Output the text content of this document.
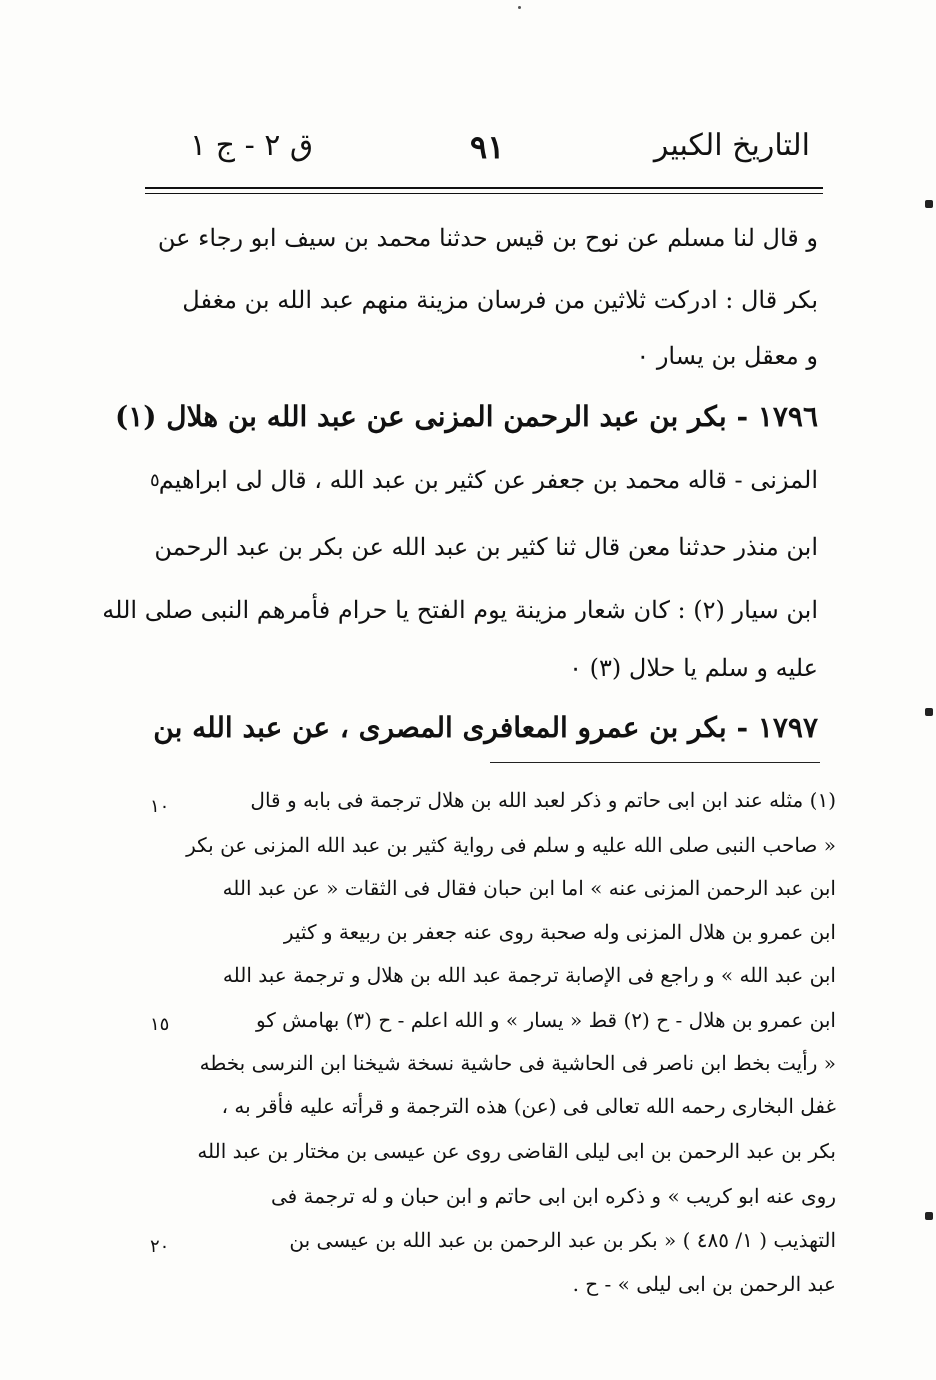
التاريخ الكبير
٩١
ق ٢ - ج ١
و قال لنا مسلم عن نوح بن قيس حدثنا محمد بن سيف ابو رجاء عن
بكر قال : ادركت ثلاثين من فرسان مزينة منهم عبد الله بن مغفل
و معقل بن يسار ٠
١٧٩٦ - بكر بن عبد الرحمن المزنى عن عبد الله بن هلال (١)
المزنى - قاله محمد بن جعفر عن كثير بن عبد الله ، قال لى ابراهيم
ابن منذر حدثنا معن قال ثنا كثير بن عبد الله عن بكر بن عبد الرحمن
ابن سيار (٢) : كان شعار مزينة يوم الفتح يا حرام فأمرهم النبى صلى الله
عليه و سلم يا حلال (٣) ٠
١٧٩٧ - بكر بن عمرو المعافرى المصرى ، عن عبد الله بن
(١) مثله عند ابن ابى حاتم و ذكر لعبد الله بن هلال ترجمة فى بابه و قال
« صاحب النبى صلى الله عليه و سلم فى رواية كثير بن عبد الله المزنى عن بكر
ابن عبد الرحمن المزنى عنه » اما ابن حبان فقال فى الثقات « عن عبد الله
ابن عمرو بن هلال المزنى وله صحبة روى عنه جعفر بن ربيعة و كثير
ابن عبد الله » و راجع فى الإصابة ترجمة عبد الله بن هلال و ترجمة عبد الله
ابن عمرو بن هلال - ح (٢) قط « يسار » و الله اعلم - ح (٣) بهامش كو
« رأيت بخط ابن ناصر فى الحاشية فى حاشية نسخة شيخنا ابن النرسى بخطه
غفل البخارى رحمه الله تعالى فى (عن) هذه الترجمة و قرأته عليه فأقر به ،
بكر بن عبد الرحمن بن ابى ليلى القاضى روى عن عيسى بن مختار بن عبد الله
روى عنه ابو كريب » و ذكره ابن ابى حاتم و ابن حبان و له ترجمة فى
التهذيب ( ١/ ٤٨٥ ) « بكر بن عبد الرحمن بن عبد الله بن عيسى بن
عبد الرحمن بن ابى ليلى » - ح .
٥
١٠
١٥
٢٠
